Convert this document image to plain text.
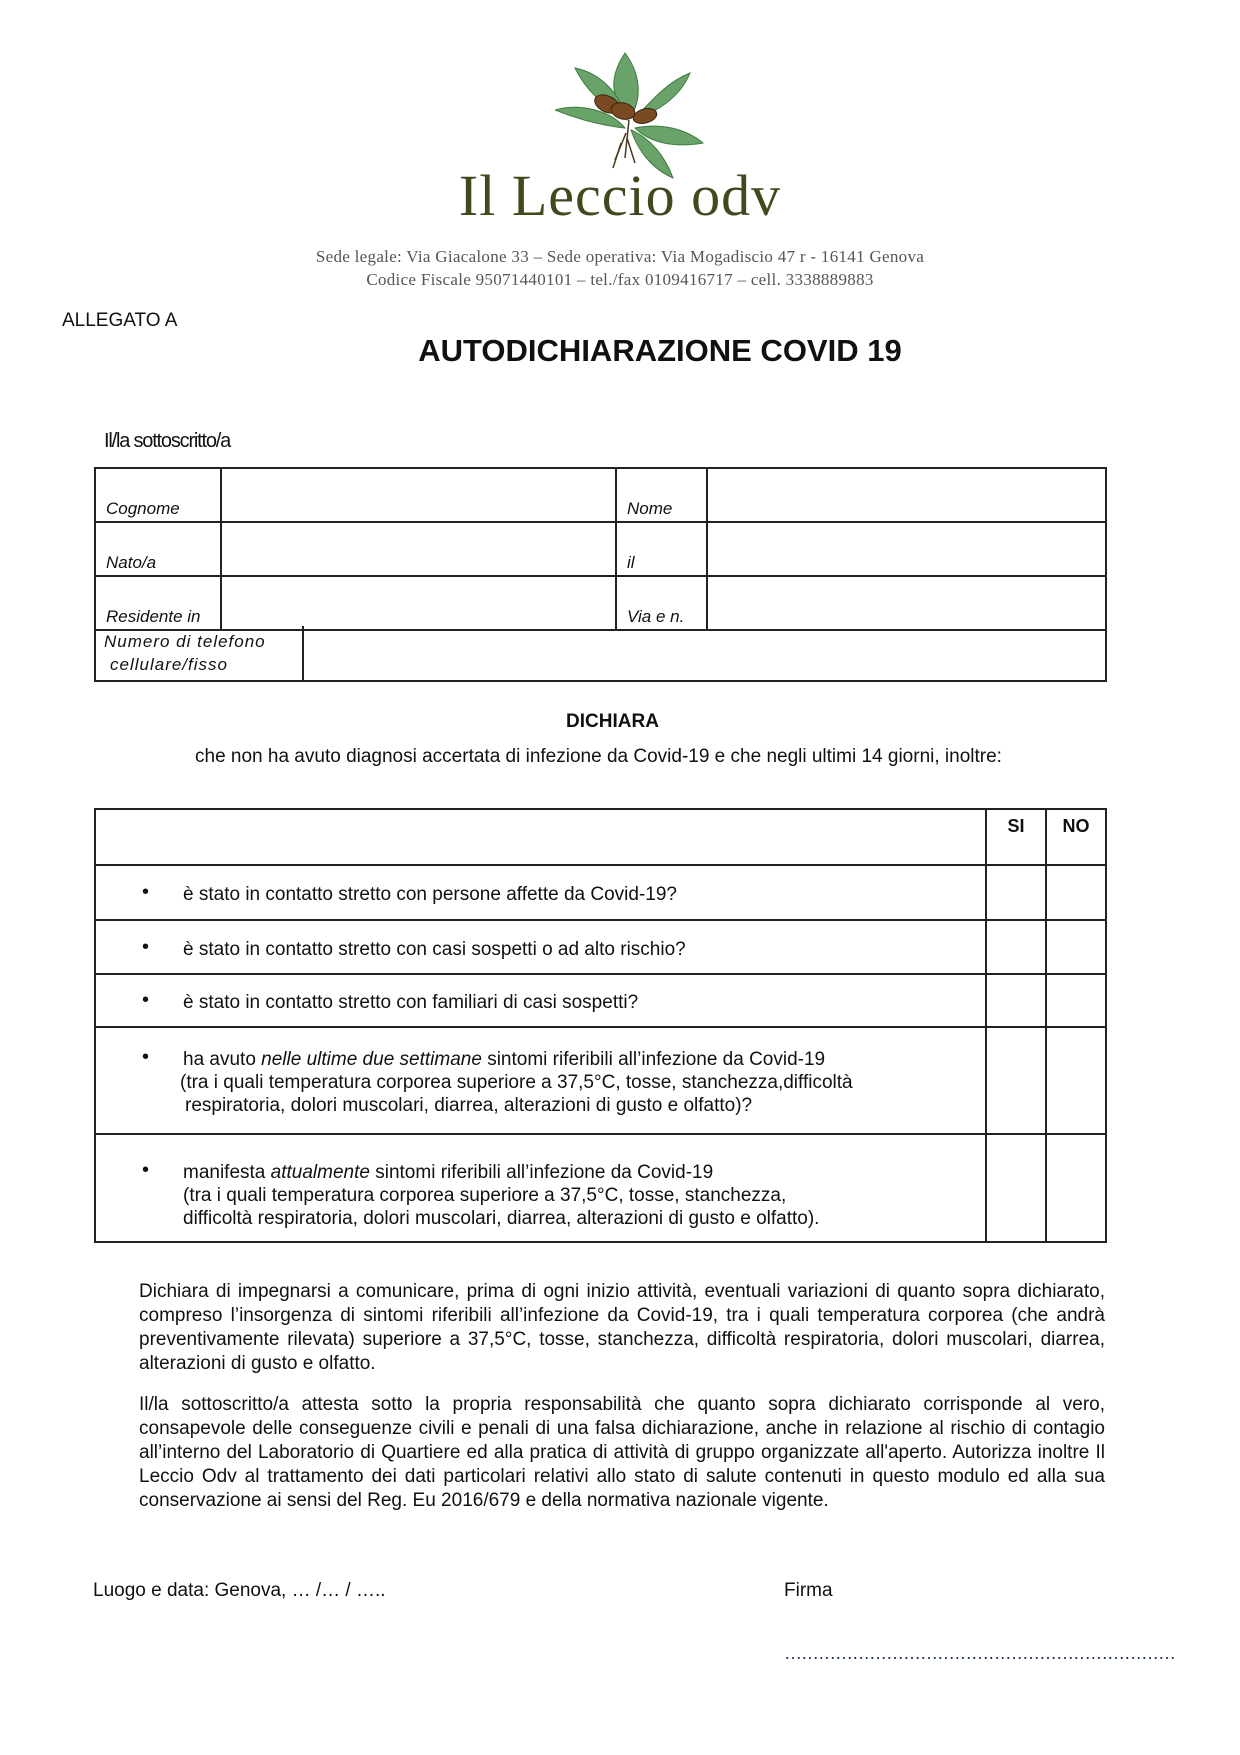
Il Leccio odv
Sede legale: Via Giacalone 33 – Sede operativa: Via Mogadiscio 47 r - 16141 Genova
Codice Fiscale 95071440101 – tel./fax 0109416717 – cell. 3338889883
ALLEGATO A
AUTODICHIARAZIONE COVID 19
Il/la sottoscritto/a
Cognome		Nome	
Nato/a		il	
Residente in		Via e n.	
Numero di telefono
cellulare/fisso

DICHIARA
che non ha avuto diagnosi accertata di infezione da Covid-19 e che negli ultimi 14 giorni, inoltre:
	SI	NO

• è stato in contatto stretto con persone affette da Covid-19?		

• è stato in contatto stretto con casi sospetti o ad alto rischio?		

• è stato in contatto stretto con familiari di casi sospetti?		

• ha avuto nelle ultime due settimane sintomi riferibili all’infezione da Covid-19
(tra i quali temperatura corporea superiore a 37,5°C, tosse, stanchezza,difficoltà
respiratoria, dolori muscolari, diarrea, alterazioni di gusto e olfatto)?		

• manifesta attualmente sintomi riferibili all’infezione da Covid-19
(tra i quali temperatura corporea superiore a 37,5°C, tosse, stanchezza,
difficoltà respiratoria, dolori muscolari, diarrea, alterazioni di gusto e olfatto).		

Dichiara di impegnarsi a comunicare, prima di ogni inizio attività, eventuali variazioni di quanto sopra dichiarato, compreso l’insorgenza di sintomi riferibili all’infezione da Covid-19, tra i quali temperatura corporea (che andrà preventivamente rilevata) superiore a 37,5°C, tosse, stanchezza, difficoltà respiratoria, dolori muscolari, diarrea, alterazioni di gusto e olfatto.
Il/la sottoscritto/a attesta sotto la propria responsabilità che quanto sopra dichiarato corrisponde al vero, consapevole delle conseguenze civili e penali di una falsa dichiarazione, anche in relazione al rischio di contagio all’interno del Laboratorio di Quartiere ed alla pratica di attività di gruppo organizzate all'aperto. Autorizza inoltre Il Leccio Odv al trattamento dei dati particolari relativi allo stato di salute contenuti in questo modulo ed alla sua conservazione ai sensi del Reg. Eu 2016/679 e della normativa nazionale vigente.
Luogo e data: Genova, … /… / …..	Firma
……………………………………………………………
